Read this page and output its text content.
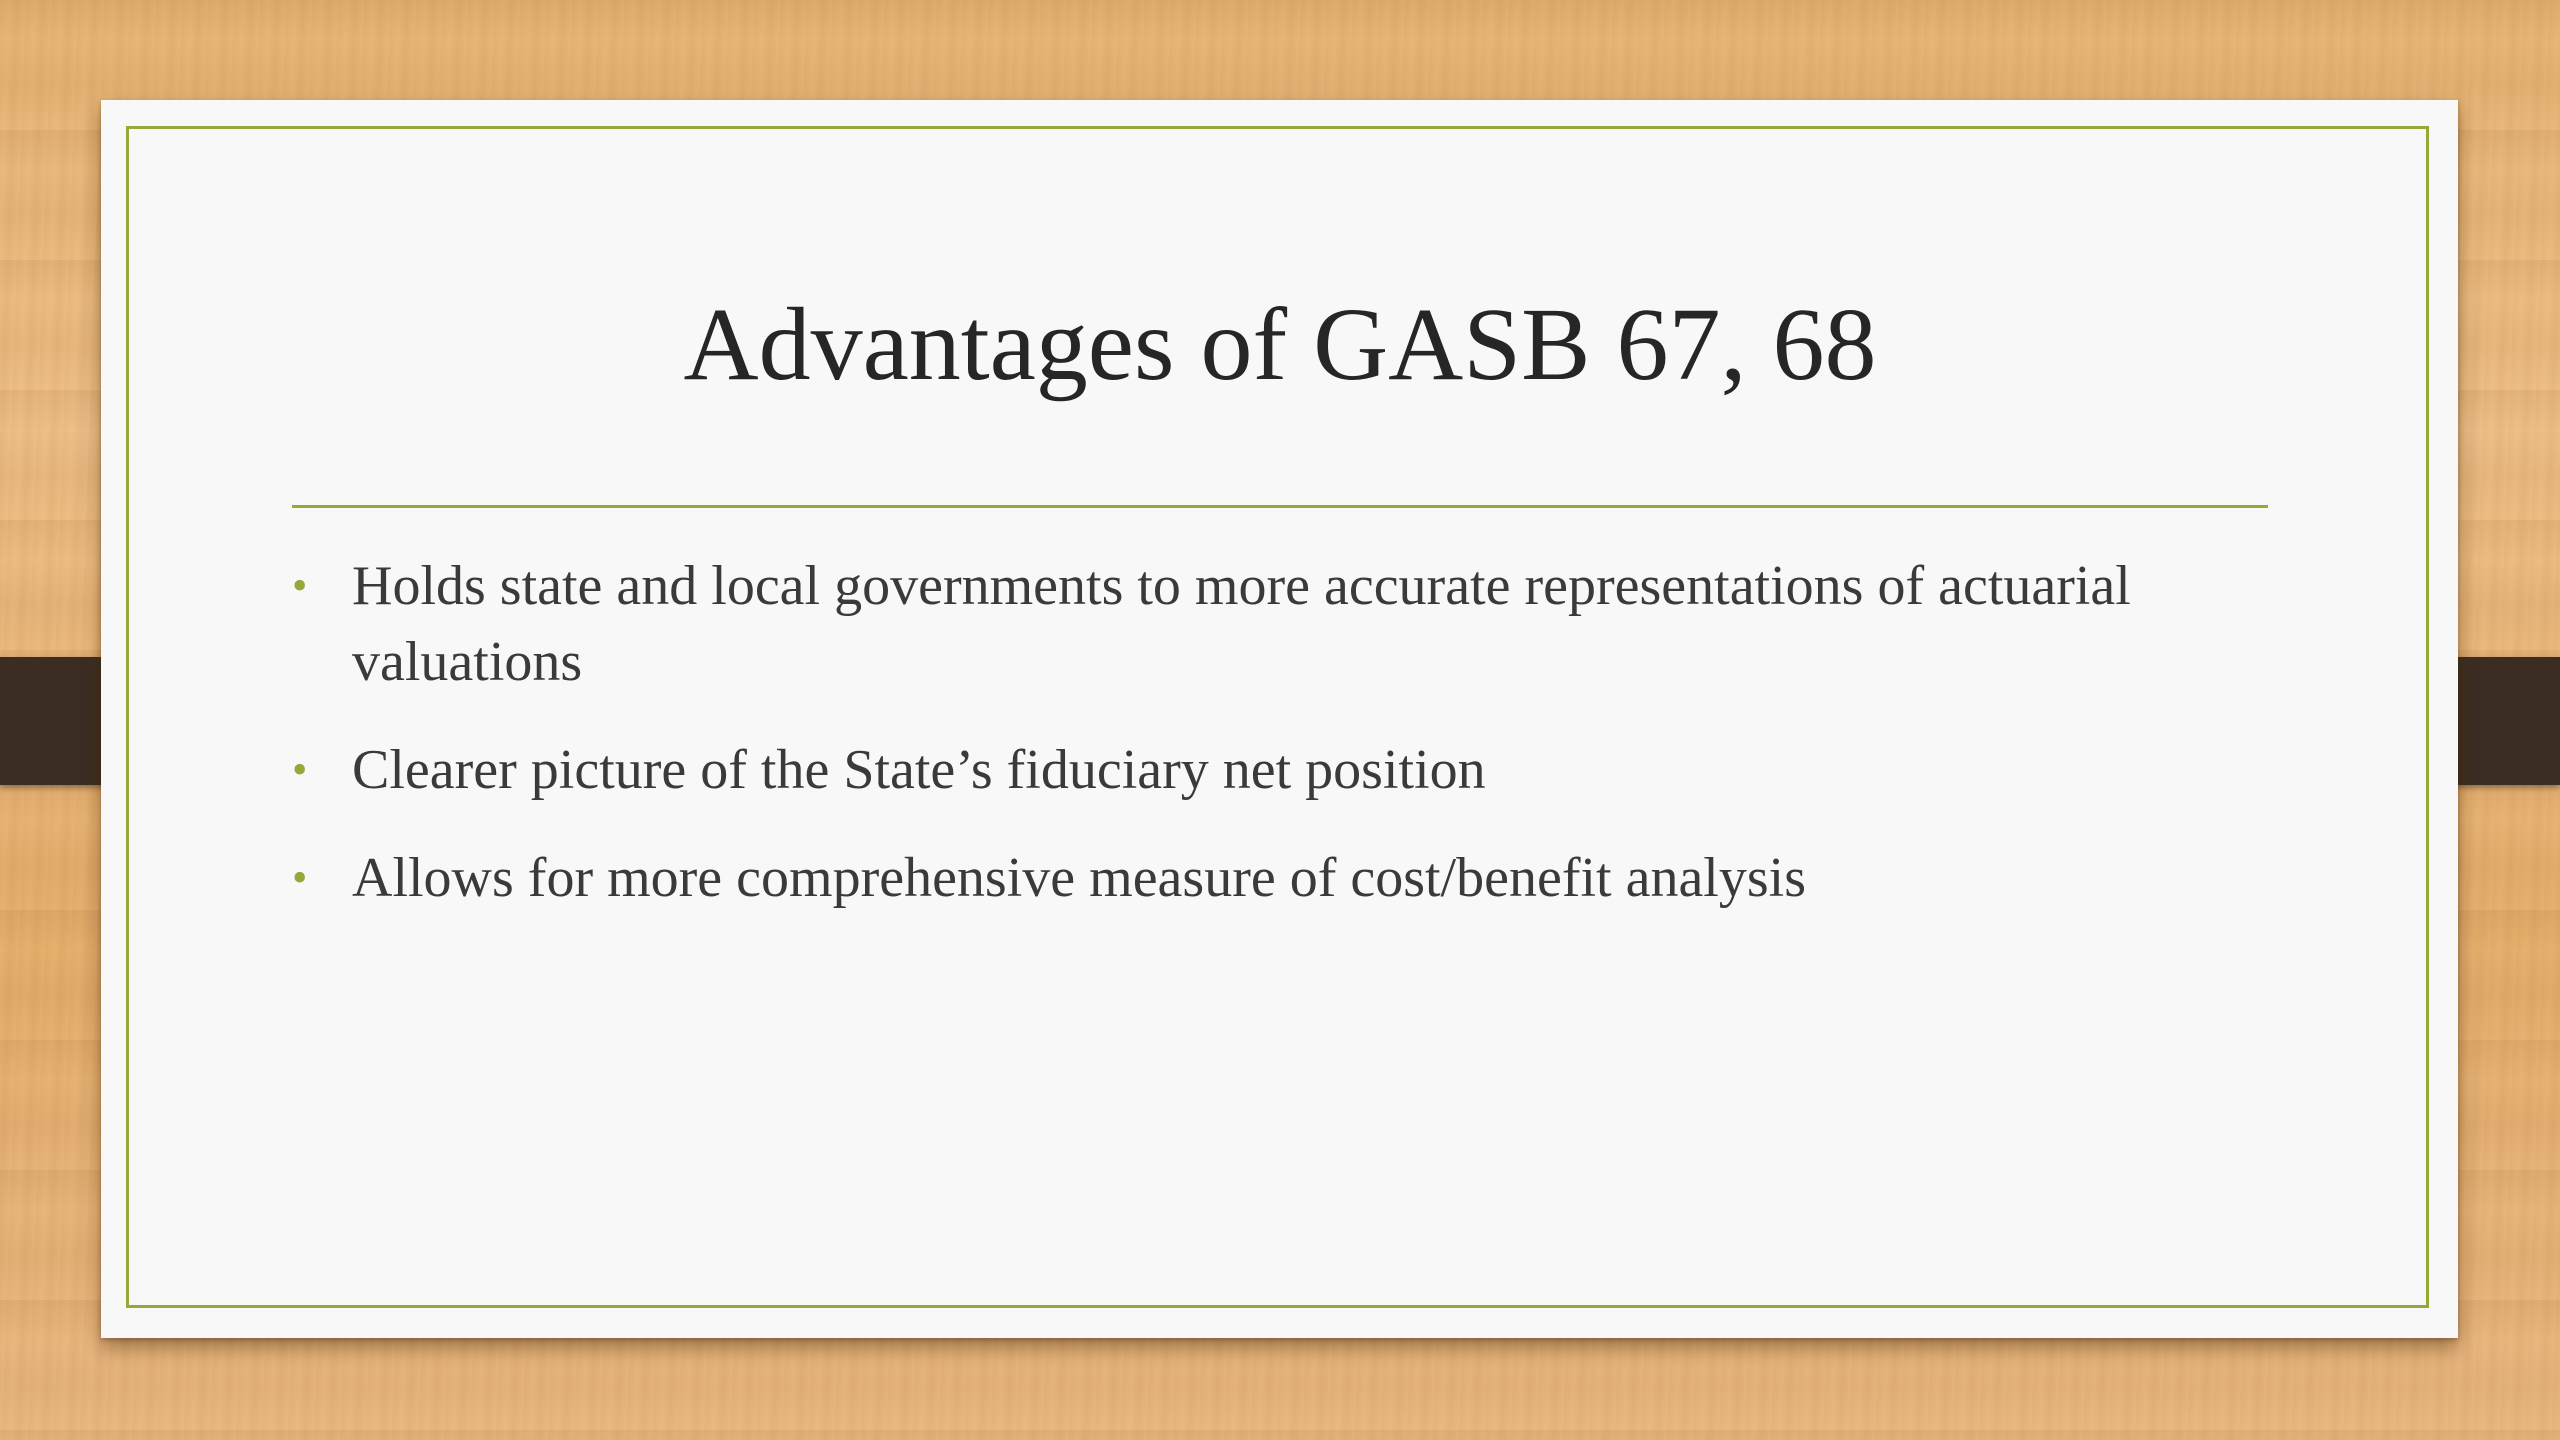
Advantages of GASB 67, 68
• Holds state and local governments to more accurate representations of actuarial valuations
• Clearer picture of the State’s fiduciary net position
• Allows for more comprehensive measure of cost/benefit analysis
